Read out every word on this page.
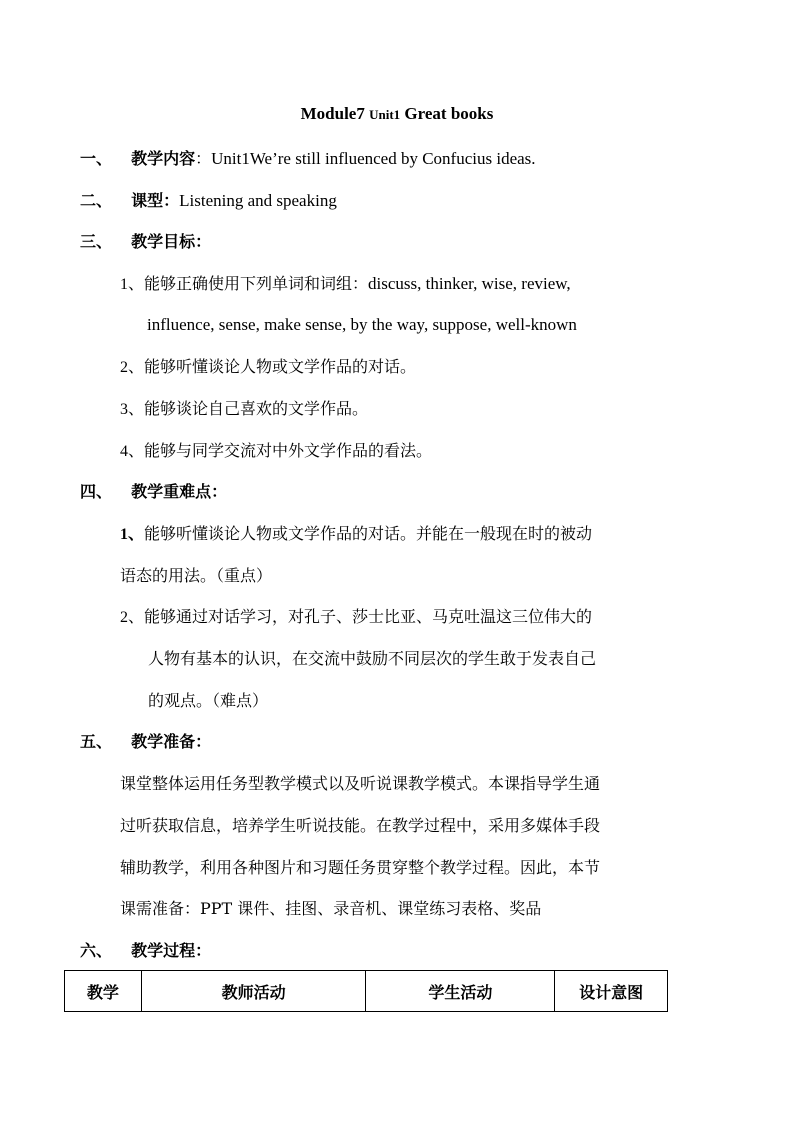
Module7 Unit1 Great books
一、 教学内容：Unit1We’re still influenced by Confucius ideas.
二、 课型：Listening and speaking
三、 教学目标：
1、能够正确使用下列单词和词组：discuss, thinker, wise, review,
influence, sense, make sense, by the way, suppose, well-known
2、能够听懂谈论人物或文学作品的对话。
3、能够谈论自己喜欢的文学作品。
4、能够与同学交流对中外文学作品的看法。
四、 教学重难点：
1、能够听懂谈论人物或文学作品的对话。并能在一般现在时的被动
语态的用法。（重点）
2、能够通过对话学习，对孔子、莎士比亚、马克吐温这三位伟大的
人物有基本的认识，在交流中鼓励不同层次的学生敢于发表自己
的观点。（难点）
五、 教学准备：
课堂整体运用任务型教学模式以及听说课教学模式。本课指导学生通
过听获取信息，培养学生听说技能。在教学过程中，采用多媒体手段
辅助教学，利用各种图片和习题任务贯穿整个教学过程。因此，本节
课需准备：PPT 课件、挂图、录音机、课堂练习表格、奖品
六、 教学过程：
教学	教师活动	学生活动	设计意图
